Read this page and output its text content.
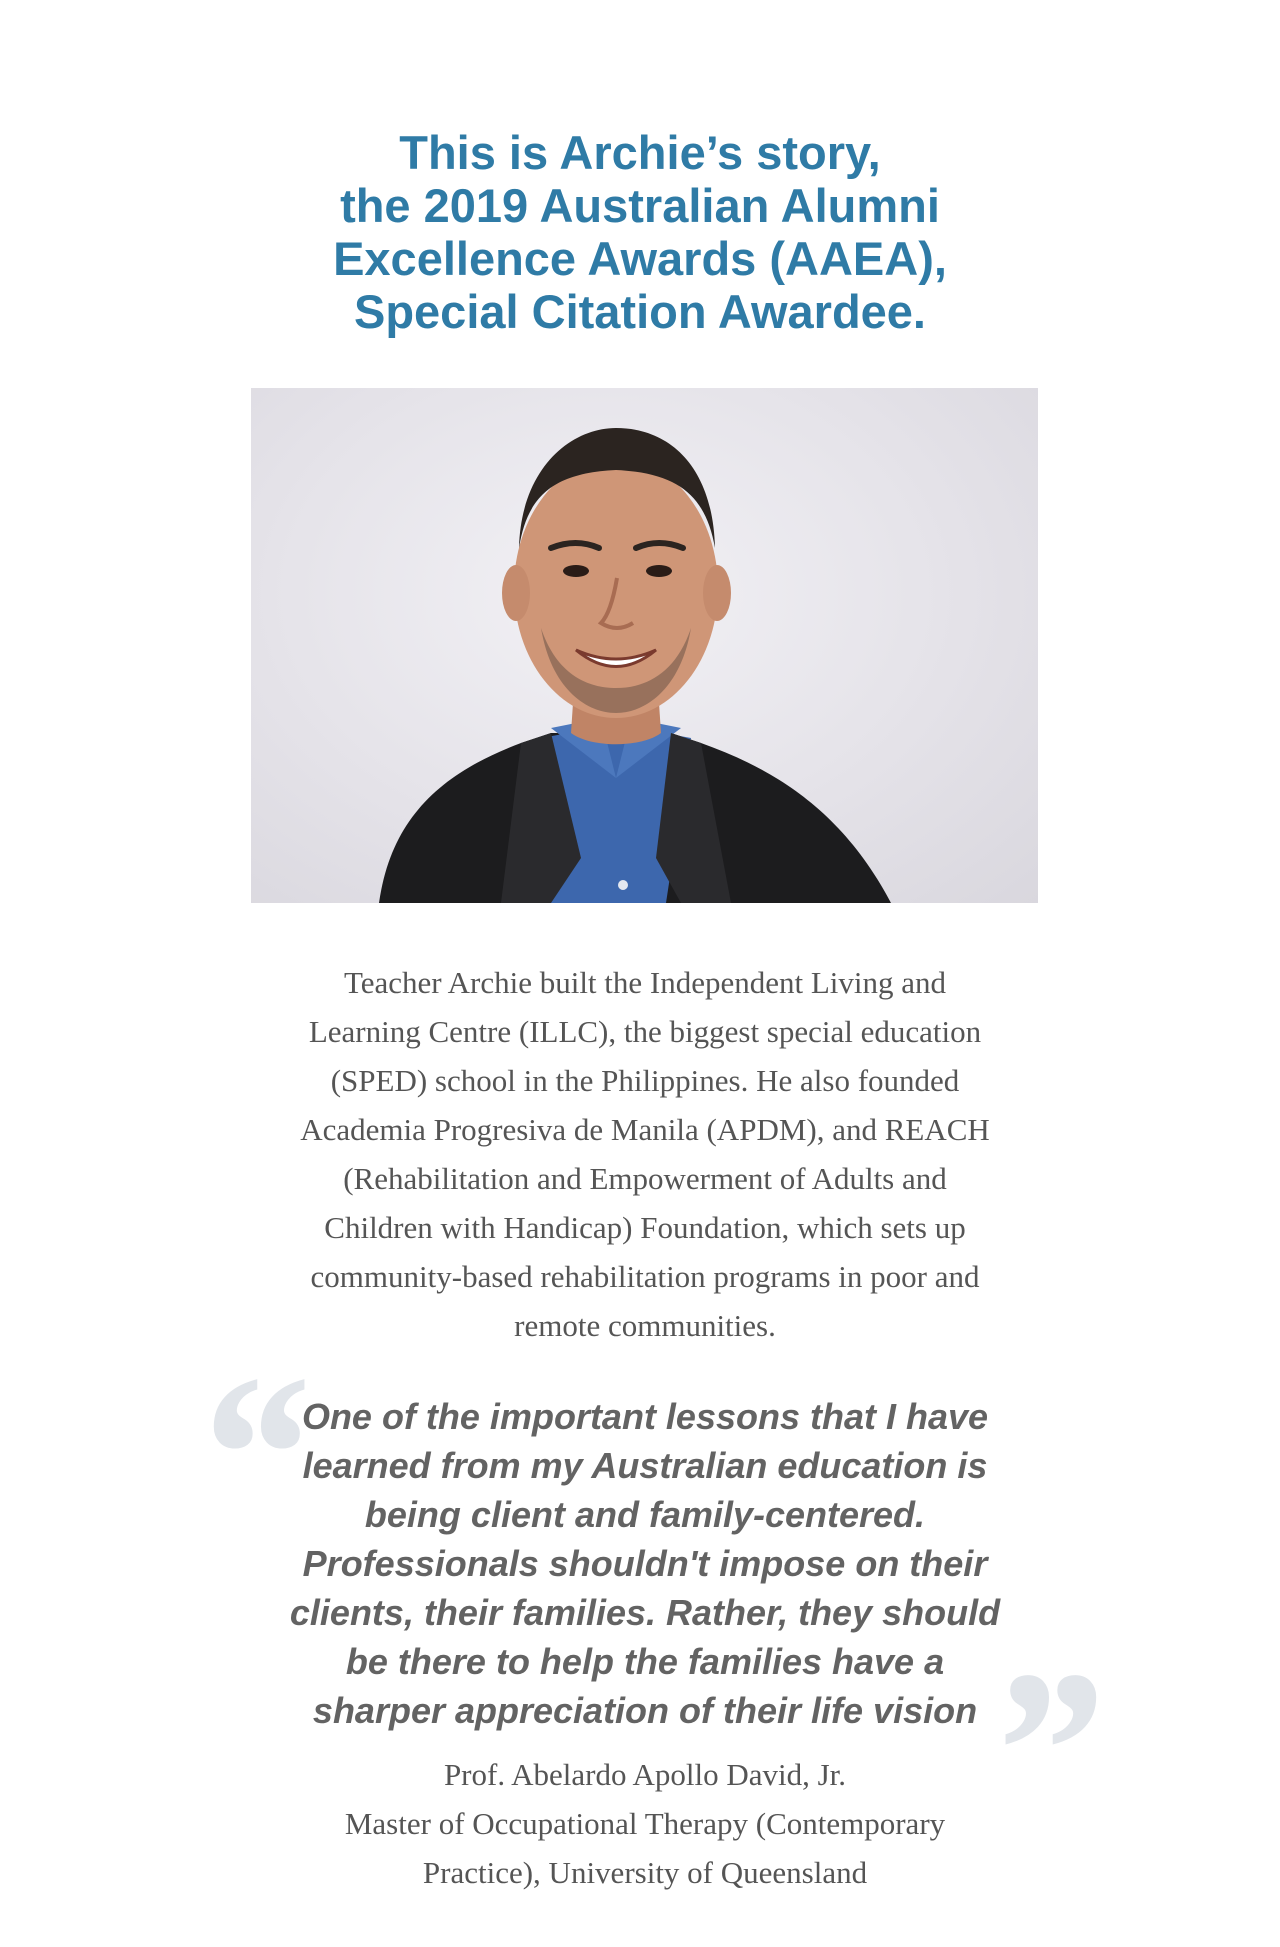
This is Archie’s story,
the 2019 Australian Alumni
Excellence Awards (AAEA),
Special Citation Awardee.

Teacher Archie built the Independent Living and
Learning Centre (ILLC), the biggest special education
(SPED) school in the Philippines. He also founded
Academia Progresiva de Manila (APDM), and REACH
(Rehabilitation and Empowerment of Adults and
Children with Handicap) Foundation, which sets up
community-based rehabilitation programs in poor and
remote communities.

“
”
One of the important lessons that I have
learned from my Australian education is
being client and family-centered.
Professionals shouldn't impose on their
clients, their families. Rather, they should
be there to help the families have a
sharper appreciation of their life vision

Prof. Abelardo Apollo David, Jr.
Master of Occupational Therapy (Contemporary
Practice), University of Queensland
